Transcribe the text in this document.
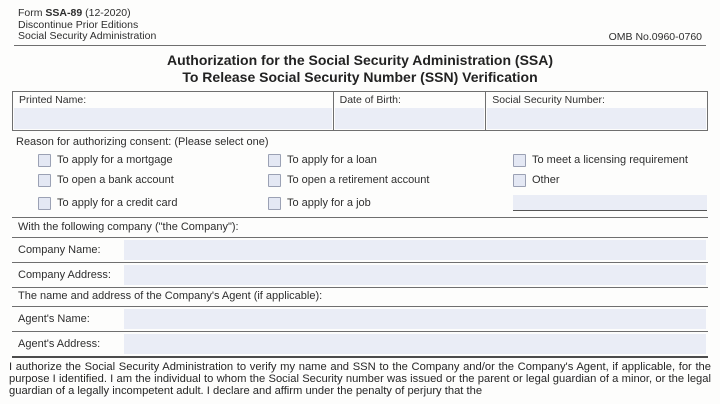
Form SSA-89 (12-2020)
Discontinue Prior Editions
Social Security Administration	OMB No.0960-0760
Authorization for the Social Security Administration (SSA)
To Release Social Security Number (SSN) Verification
Printed Name:	Date of Birth:	Social Security Number:
Reason for authorizing consent: (Please select one)
To apply for a mortgage
To open a bank account
To apply for a credit card
To apply for a loan
To open a retirement account
To apply for a job
To meet a licensing requirement
Other
With the following company ("the Company"):
Company Name:
Company Address:
The name and address of the Company's Agent (if applicable):
Agent's Name:
Agent's Address:
I authorize the Social Security Administration to verify my name and SSN to the Company and/or the Company's Agent, if applicable, for the purpose I identified. I am the individual to whom the Social Security number was issued or the parent or legal guardian of a minor, or the legal guardian of a legally incompetent adult. I declare and affirm under the penalty of perjury that the
